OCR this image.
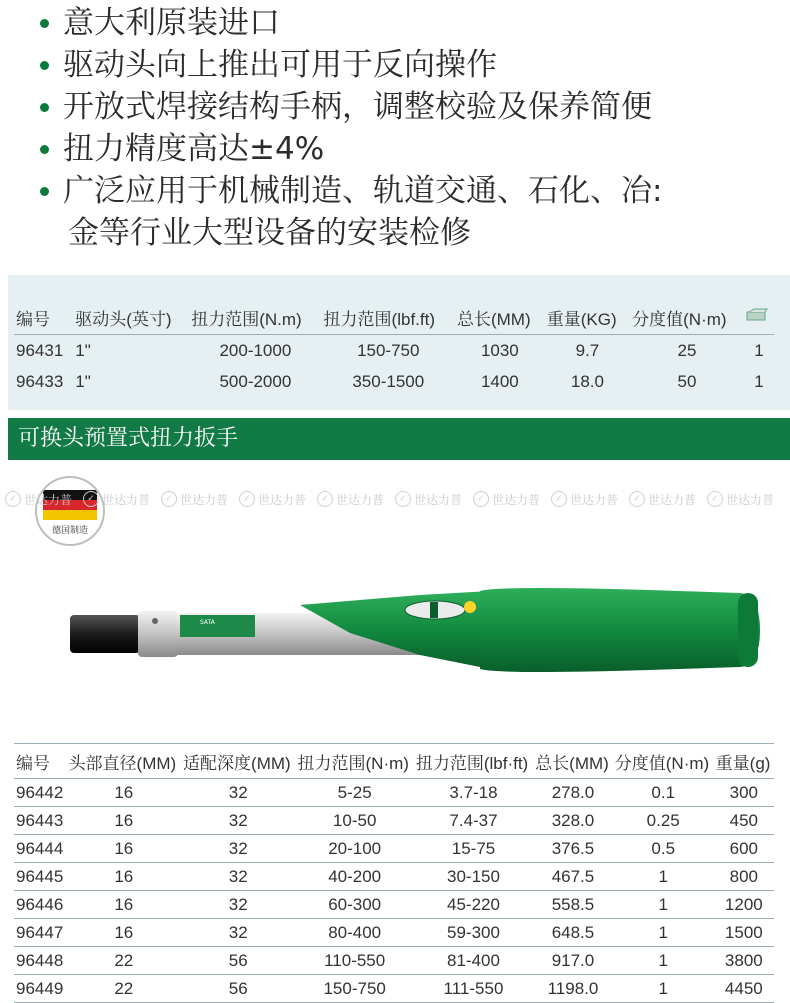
意大利原装进口
驱动头向上推出可用于反向操作
开放式焊接结构手柄，调整校验及保养简便
扭力精度高达±4%
广泛应用于机械制造、轨道交通、石化、冶:
金等行业大型设备的安装检修
编号	驱动头(英寸)	扭力范围(N.m)	扭力范围(lbf.ft)	总长(MM)	重量(KG)	分度值(N·m)	
96431	1"	200-1000	150-750	1030	9.7	25	1
96433	1"	500-2000	350-1500	1400	18.0	50	1
可换头预置式扭力扳手
德国制造
✓ 世达力普	✓ 世达力普	✓ 世达力普	✓ 世达力普	✓ 世达力普	✓ 世达力普	✓ 世达力普	✓ 世达力普	✓ 世达力普	✓ 世达力普
SATA
编号	头部直径(MM)	适配深度(MM)	扭力范围(N·m)	扭力范围(lbf·ft)	总长(MM)	分度值(N·m)	重量(g)
96442	16	32	5-25	3.7-18	278.0	0.1	300
96443	16	32	10-50	7.4-37	328.0	0.25	450
96444	16	32	20-100	15-75	376.5	0.5	600
96445	16	32	40-200	30-150	467.5	1	800
96446	16	32	60-300	45-220	558.5	1	1200
96447	16	32	80-400	59-300	648.5	1	1500
96448	22	56	110-550	81-400	917.0	1	3800
96449	22	56	150-750	111-550	1198.0	1	4450
